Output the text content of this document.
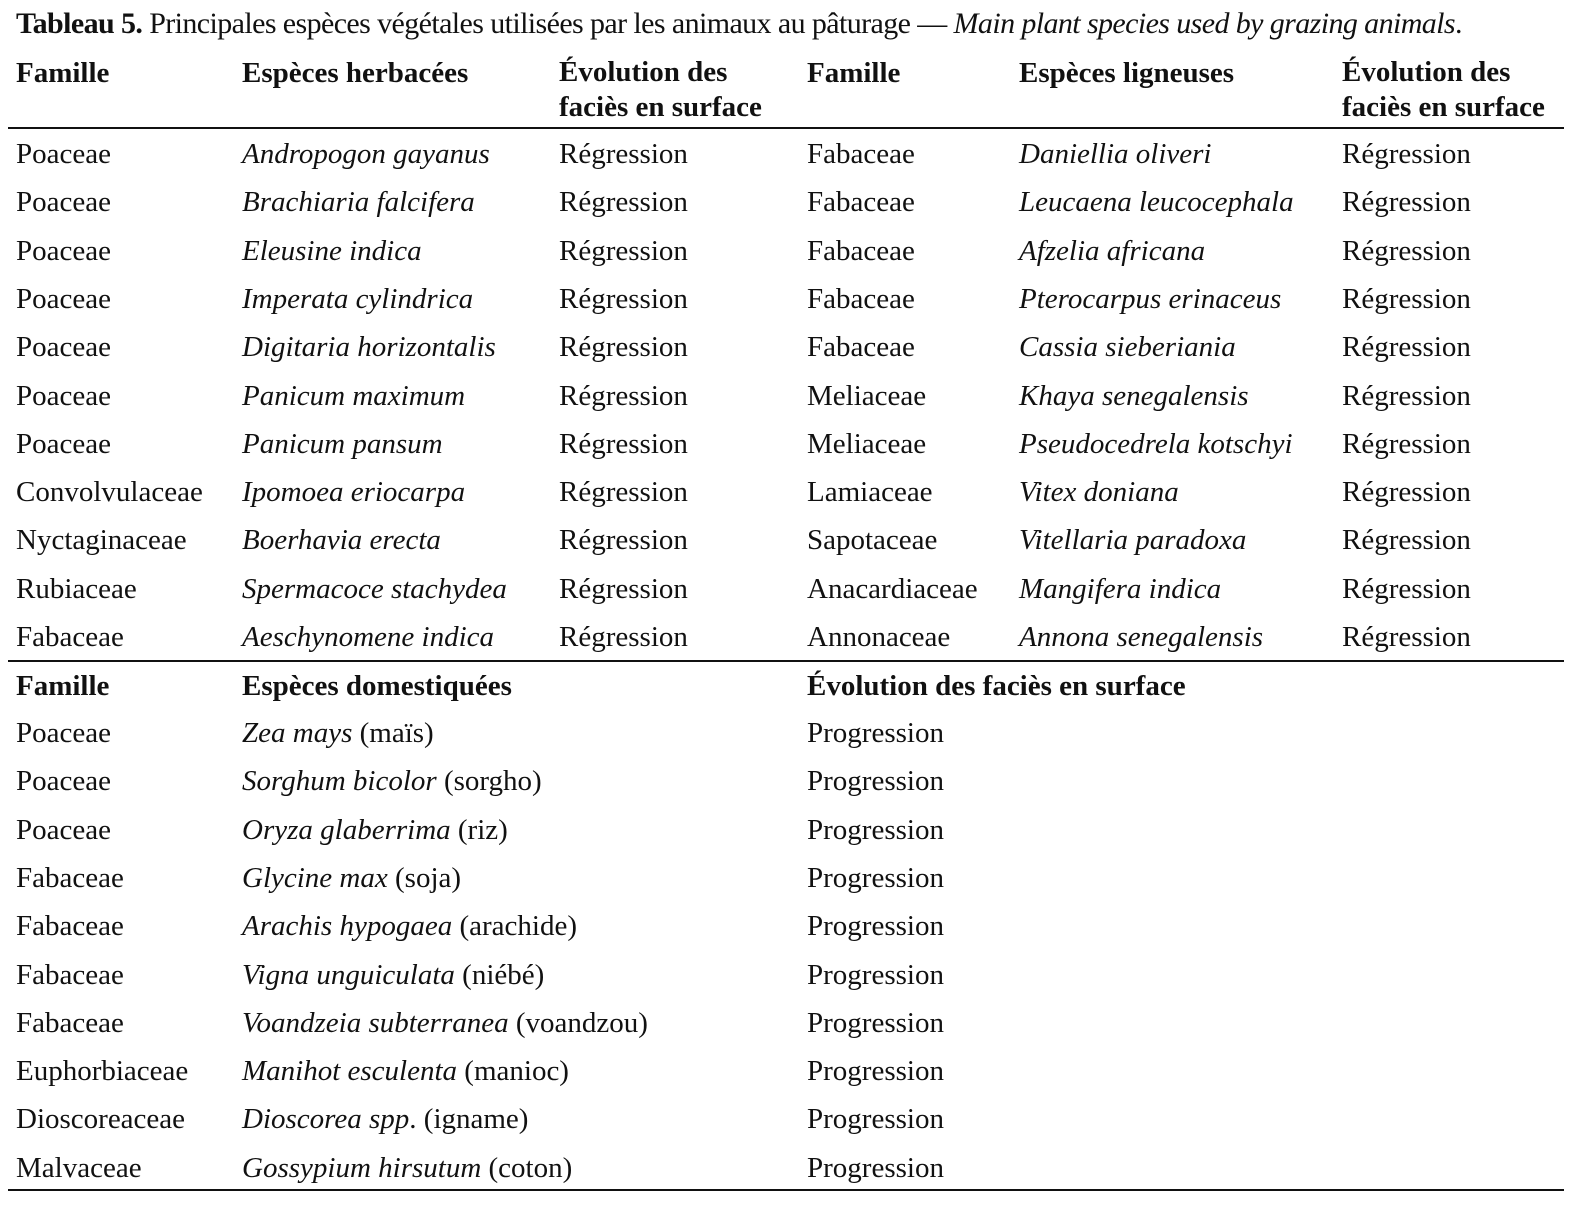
Tableau 5. Principales espèces végétales utilisées par les animaux au pâturage — Main plant species used by grazing animals.
Famille	Espèces herbacées	Évolution des
faciès en surface
Famille	Espèces ligneuses	Évolution des
faciès en surface
Poaceae	Andropogon gayanus Régression	Fabaceae	Daniellia oliveri	Régression
Poaceae	Brachiaria falcifera	Régression	Fabaceae	Leucaena leucocephala Régression
Poaceae	Eleusine indica	Régression	Fabaceae	Afzelia africana	Régression
Poaceae	Imperata cylindrica	Régression	Fabaceae	Pterocarpus erinaceus Régression
Poaceae	Digitaria horizontalis Régression	Fabaceae	Cassia sieberiania	Régression
Poaceae	Panicum maximum	Régression	Meliaceae	Khaya senegalensis	Régression
Poaceae	Panicum pansum	Régression	Meliaceae	Pseudocedrela kotschyi Régression
Convolvulaceae Ipomoea eriocarpa	Régression	Lamiaceae	Vitex doniana	Régression
Nyctaginaceae Boerhavia erecta	Régression	Sapotaceae	Vitellaria paradoxa	Régression
Rubiaceae	Spermacoce stachydea Régression	Anacardiaceae Mangifera indica	Régression
Fabaceae	Aeschynomene indica Régression	Annonaceae Annona senegalensis	Régression
Famille	Espèces domestiquées	Évolution des faciès en surface
Poaceae	Zea mays (maïs)	Progression
Poaceae	Sorghum bicolor (sorgho)	Progression
Poaceae	Oryza glaberrima (riz)	Progression
Fabaceae	Glycine max (soja)	Progression
Fabaceae	Arachis hypogaea (arachide)	Progression
Fabaceae	Vigna unguiculata (niébé)	Progression
Fabaceae	Voandzeia subterranea (voandzou)	Progression
Euphorbiaceae Manihot esculenta (manioc)	Progression
Dioscoreaceae Dioscorea spp. (igname)	Progression
Malvaceae	Gossypium hirsutum (coton)	Progression
